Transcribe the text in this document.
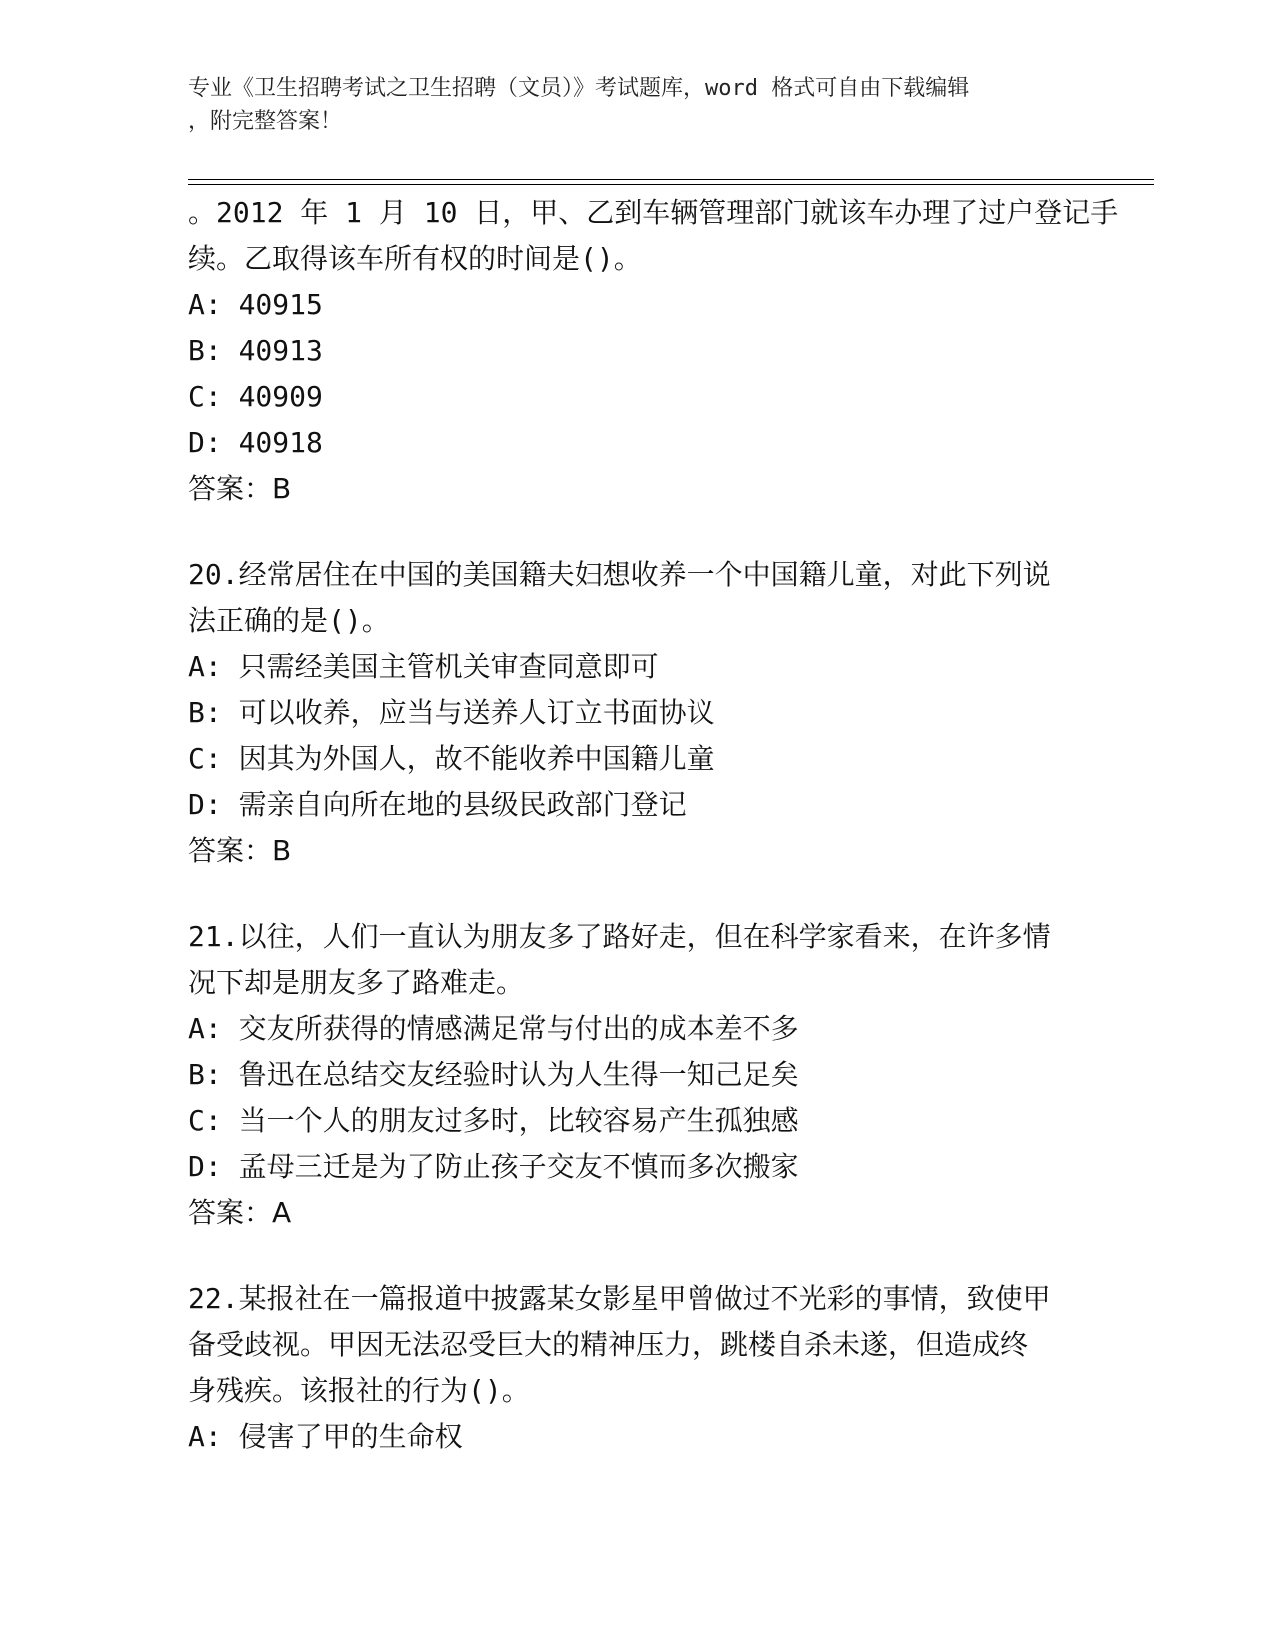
专业《卫生招聘考试之卫生招聘（文员）》考试题库，word 格式可自由下载编辑
，附完整答案！
。2012 年 1 月 10 日，甲、乙到车辆管理部门就该车办理了过户登记手
续。乙取得该车所有权的时间是()。
A: 40915
B: 40913
C: 40909
D: 40918
答案：B
20.经常居住在中国的美国籍夫妇想收养一个中国籍儿童，对此下列说
法正确的是()。
A: 只需经美国主管机关审查同意即可
B: 可以收养，应当与送养人订立书面协议
C: 因其为外国人，故不能收养中国籍儿童
D: 需亲自向所在地的县级民政部门登记
答案：B
21.以往，人们一直认为朋友多了路好走，但在科学家看来，在许多情
况下却是朋友多了路难走。
A: 交友所获得的情感满足常与付出的成本差不多
B: 鲁迅在总结交友经验时认为人生得一知己足矣
C: 当一个人的朋友过多时，比较容易产生孤独感
D: 孟母三迁是为了防止孩子交友不慎而多次搬家
答案：A
22.某报社在一篇报道中披露某女影星甲曾做过不光彩的事情，致使甲
备受歧视。甲因无法忍受巨大的精神压力，跳楼自杀未遂，但造成终
身残疾。该报社的行为()。
A: 侵害了甲的生命权
